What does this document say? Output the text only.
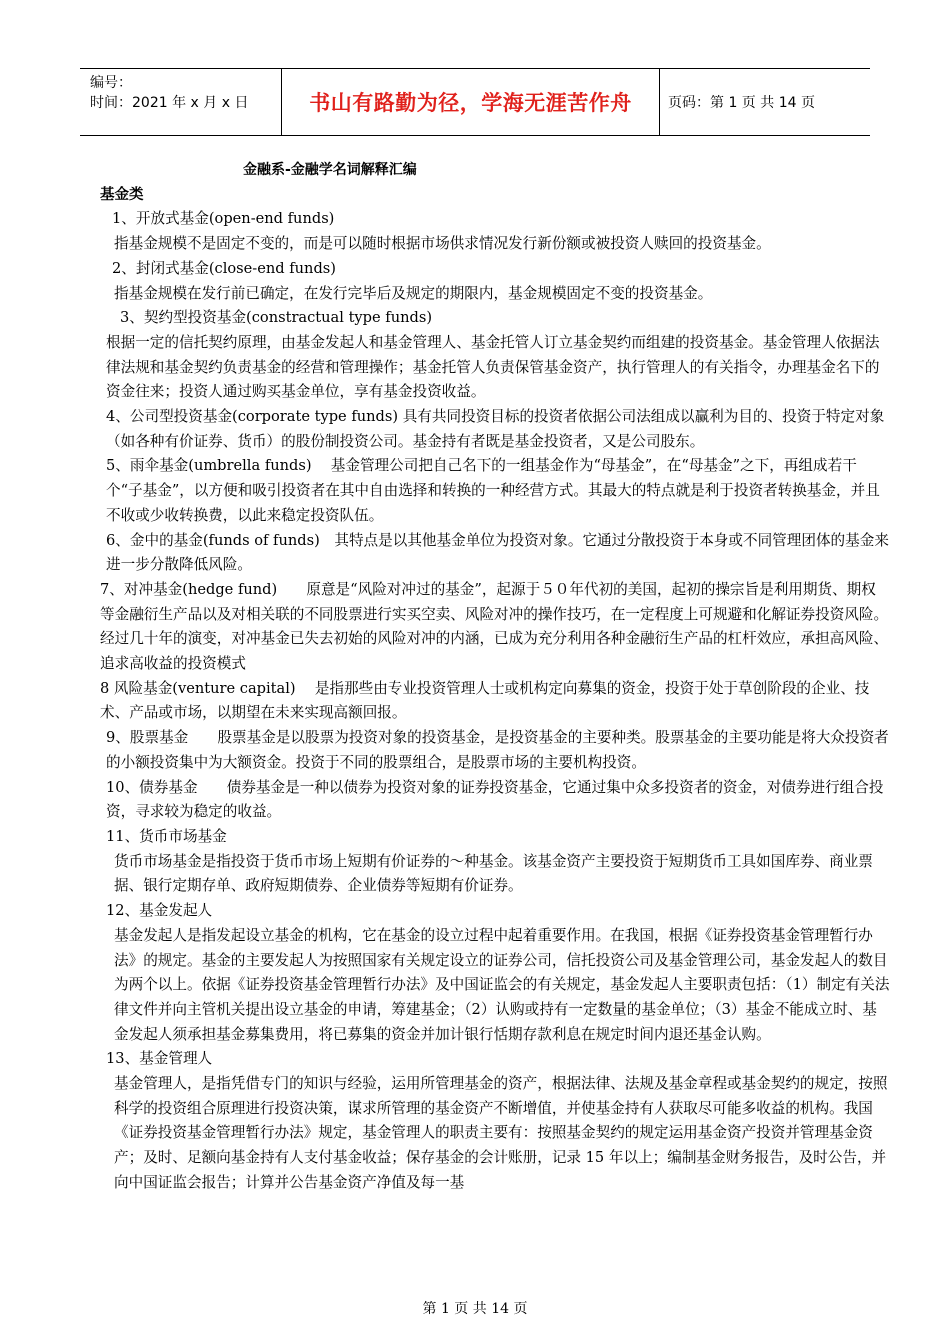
编号：
时间：2021 年 x 月 x 日	书山有路勤为径，学海无涯苦作舟	页码：第 1 页 共 14 页

金融系-金融学名词解释汇编

基金类

1、开放式基金(open-end funds)

指基金规模不是固定不变的，而是可以随时根据市场供求情况发行新份额或被投资人赎回的投资基金。

2、封闭式基金(close-end funds)

指基金规模在发行前已确定，在发行完毕后及规定的期限内，基金规模固定不变的投资基金。

3、契约型投资基金(constractual type funds)

根据一定的信托契约原理，由基金发起人和基金管理人、基金托管人订立基金契约而组建的投资基金。基金管理人依据法律法规和基金契约负责基金的经营和管理操作；基金托管人负责保管基金资产，执行管理人的有关指令，办理基金名下的资金往来；投资人通过购买基金单位，享有基金投资收益。

4、公司型投资基金(corporate type funds) 具有共同投资目标的投资者依据公司法组成以赢利为目的、投资于特定对象（如各种有价证券、货币）的股份制投资公司。基金持有者既是基金投资者，又是公司股东。

5、雨伞基金(umbrella funds)　 基金管理公司把自己名下的一组基金作为“母基金”，在“母基金”之下，再组成若干个“子基金”，以方便和吸引投资者在其中自由选择和转换的一种经营方式。其最大的特点就是利于投资者转换基金，并且不收或少收转换费，以此来稳定投资队伍。

6、金中的基金(funds of funds)　其特点是以其他基金单位为投资对象。它通过分散投资于本身或不同管理团体的基金来进一步分散降低风险。

7、对冲基金(hedge fund)　　原意是“风险对冲过的基金”，起源于５０年代初的美国，起初的操宗旨是利用期货、期权等金融衍生产品以及对相关联的不同股票进行实买空卖、风险对冲的操作技巧，在一定程度上可规避和化解证券投资风险。经过几十年的演变，对冲基金已失去初始的风险对冲的内涵，已成为充分利用各种金融衍生产品的杠杆效应，承担高风险、追求高收益的投资模式

8 风险基金(venture capital)　 是指那些由专业投资管理人士或机构定向募集的资金，投资于处于草创阶段的企业、技术、产品或市场，以期望在未来实现高额回报。

9、股票基金　　股票基金是以股票为投资对象的投资基金，是投资基金的主要种类。股票基金的主要功能是将大众投资者的小额投资集中为大额资金。投资于不同的股票组合，是股票市场的主要机构投资。

10、债券基金　　债券基金是一种以债券为投资对象的证券投资基金，它通过集中众多投资者的资金，对债券进行组合投资，寻求较为稳定的收益。

11、货币市场基金

货币市场基金是指投资于货币市场上短期有价证券的～种基金。该基金资产主要投资于短期货币工具如国库券、商业票据、银行定期存单、政府短期债券、企业债券等短期有价证券。

12、基金发起人

基金发起人是指发起设立基金的机构，它在基金的设立过程中起着重要作用。在我国，根据《证券投资基金管理暂行办法》的规定。基金的主要发起人为按照国家有关规定设立的证券公司，信托投资公司及基金管理公司，基金发起人的数目为两个以上。依据《证券投资基金管理暂行办法》及中国证监会的有关规定，基金发起人主要职责包括：（1）制定有关法律文件并向主管机关提出设立基金的申请，筹建基金；（2）认购或持有一定数量的基金单位；（3）基金不能成立时、基金发起人须承担基金募集费用，将已募集的资金并加计银行恬期存款利息在规定时间内退还基金认购。

13、基金管理人

基金管理人，是指凭借专门的知识与经验，运用所管理基金的资产，根据法律、法规及基金章程或基金契约的规定，按照科学的投资组合原理进行投资决策，谋求所管理的基金资产不断增值，并使基金持有人获取尽可能多收益的机构。我国《证券投资基金管理暂行办法》规定，基金管理人的职责主要有：按照基金契约的规定运用基金资产投资并管理基金资产；及时、足额向基金持有人支付基金收益；保存基金的会计账册，记录 15 年以上；编制基金财务报告，及时公告，并向中国证监会报告；计算并公告基金资产净值及每一基

第 1 页 共 14 页
